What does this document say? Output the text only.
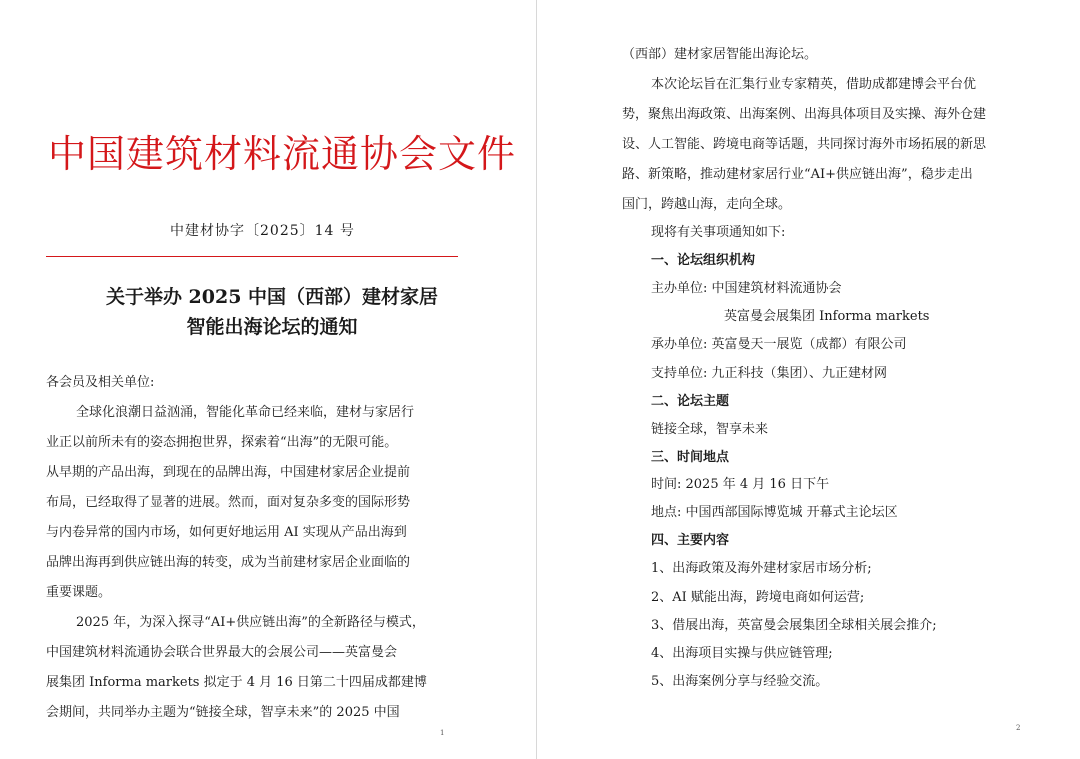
中国建筑材料流通协会文件
中建材协字〔2025〕14 号
关于举办 2025 中国（西部）建材家居
智能出海论坛的通知
各会员及相关单位:
全球化浪潮日益汹涌，智能化革命已经来临，建材与家居行
业正以前所未有的姿态拥抱世界，探索着“出海”的无限可能。
从早期的产品出海，到现在的品牌出海，中国建材家居企业提前
布局，已经取得了显著的进展。然而，面对复杂多变的国际形势
与内卷异常的国内市场，如何更好地运用 AI 实现从产品出海到
品牌出海再到供应链出海的转变，成为当前建材家居企业面临的
重要课题。
2025 年，为深入探寻“AI+供应链出海”的全新路径与模式，
中国建筑材料流通协会联合世界最大的会展公司——英富曼会
展集团 Informa markets 拟定于 4 月 16 日第二十四届成都建博
会期间，共同举办主题为“链接全球，智享未来”的 2025 中国
1
（西部）建材家居智能出海论坛。
本次论坛旨在汇集行业专家精英，借助成都建博会平台优
势，聚焦出海政策、出海案例、出海具体项目及实操、海外仓建
设、人工智能、跨境电商等话题，共同探讨海外市场拓展的新思
路、新策略，推动建材家居行业“AI+供应链出海”，稳步走出
国门，跨越山海，走向全球。
现将有关事项通知如下:
一、论坛组织机构
主办单位: 中国建筑材料流通协会
英富曼会展集团 Informa markets
承办单位: 英富曼天一展览（成都）有限公司
支持单位: 九正科技（集团）、九正建材网
二、论坛主题
链接全球，智享未来
三、时间地点
时间: 2025 年 4 月 16 日下午
地点: 中国西部国际博览城 开幕式主论坛区
四、主要内容
1、出海政策及海外建材家居市场分析;
2、AI 赋能出海，跨境电商如何运营;
3、借展出海，英富曼会展集团全球相关展会推介;
4、出海项目实操与供应链管理;
5、出海案例分享与经验交流。
2
